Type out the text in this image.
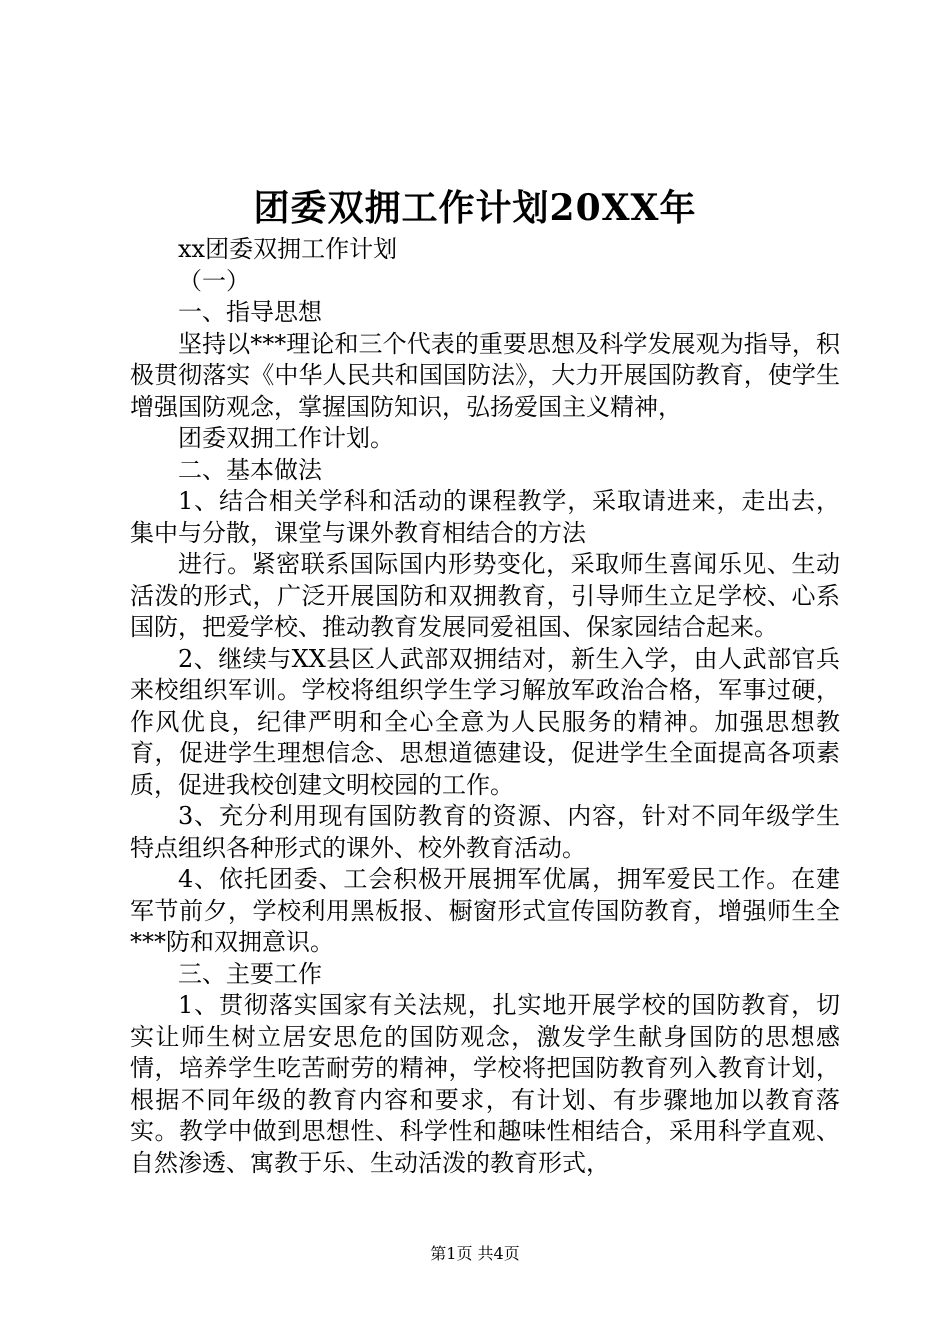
团委双拥工作计划20XX年

xx团委双拥工作计划

（一）

一、指导思想

坚持以***理论和三个代表的重要思想及科学发展观为指导，积极贯彻落实《中华人民共和国国防法》，大力开展国防教育，使学生增强国防观念，掌握国防知识，弘扬爱国主义精神，

团委双拥工作计划。

二、基本做法

1、结合相关学科和活动的课程教学，采取请进来，走出去，集中与分散，课堂与课外教育相结合的方法

进行。紧密联系国际国内形势变化，采取师生喜闻乐见、生动活泼的形式，广泛开展国防和双拥教育，引导师生立足学校、心系国防，把爱学校、推动教育发展同爱祖国、保家园结合起来。

2、继续与XX县区人武部双拥结对，新生入学，由人武部官兵来校组织军训。学校将组织学生学习解放军政治合格，军事过硬，作风优良，纪律严明和全心全意为人民服务的精神。加强思想教育，促进学生理想信念、思想道德建设，促进学生全面提高各项素质，促进我校创建文明校园的工作。

3、充分利用现有国防教育的资源、内容，针对不同年级学生特点组织各种形式的课外、校外教育活动。

4、依托团委、工会积极开展拥军优属，拥军爱民工作。在建军节前夕，学校利用黑板报、橱窗形式宣传国防教育，增强师生全***防和双拥意识。

三、主要工作

1、贯彻落实国家有关法规，扎实地开展学校的国防教育，切实让师生树立居安思危的国防观念，激发学生献身国防的思想感情，培养学生吃苦耐劳的精神，学校将把国防教育列入教育计划，根据不同年级的教育内容和要求，有计划、有步骤地加以教育落实。教学中做到思想性、科学性和趣味性相结合，采用科学直观、自然渗透、寓教于乐、生动活泼的教育形式，

第1页 共4页
